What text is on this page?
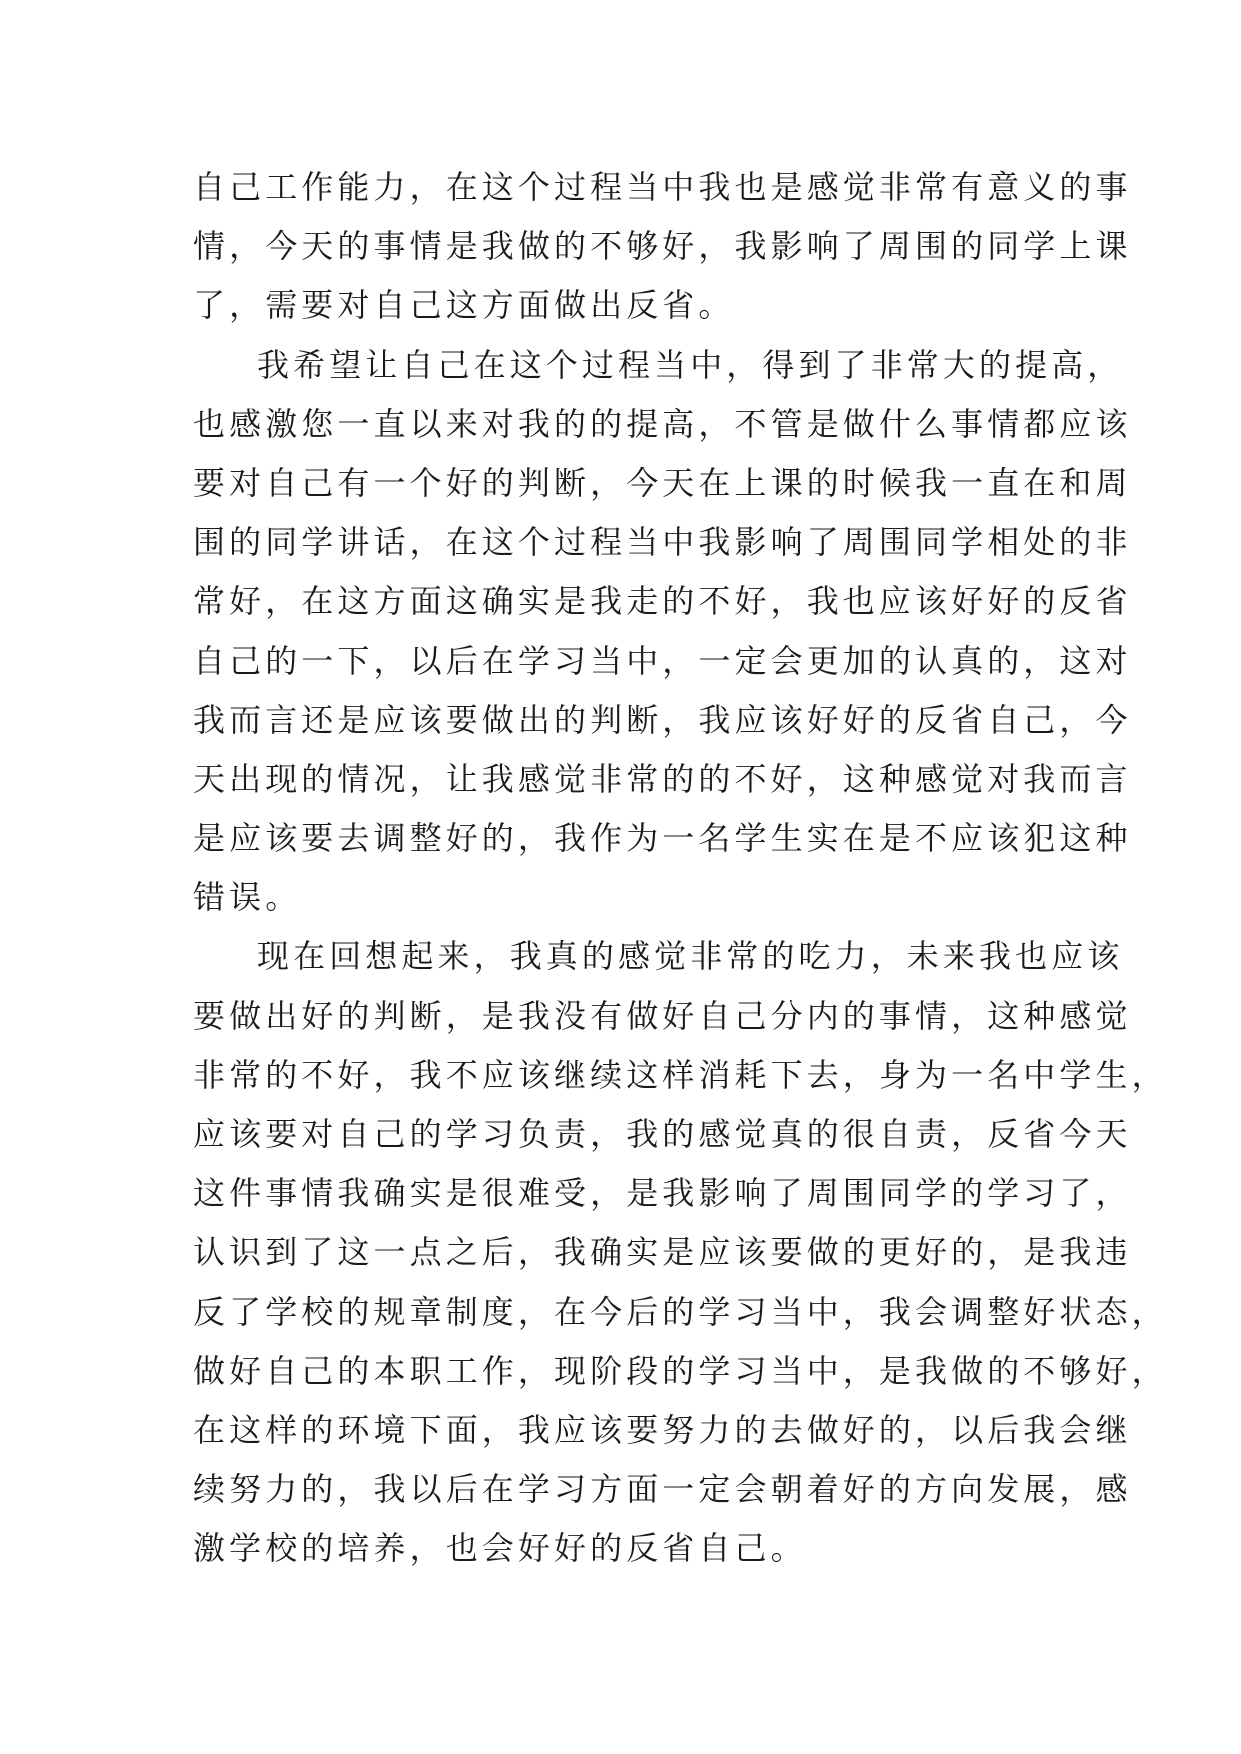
自己工作能力，在这个过程当中我也是感觉非常有意义的事
情，今天的事情是我做的不够好，我影响了周围的同学上课
了，需要对自己这方面做出反省。
我希望让自己在这个过程当中，得到了非常大的提高，
也感激您一直以来对我的的提高，不管是做什么事情都应该
要对自己有一个好的判断，今天在上课的时候我一直在和周
围的同学讲话，在这个过程当中我影响了周围同学相处的非
常好，在这方面这确实是我走的不好，我也应该好好的反省
自己的一下，以后在学习当中，一定会更加的认真的，这对
我而言还是应该要做出的判断，我应该好好的反省自己，今
天出现的情况，让我感觉非常的的不好，这种感觉对我而言
是应该要去调整好的，我作为一名学生实在是不应该犯这种
错误。
现在回想起来，我真的感觉非常的吃力，未来我也应该
要做出好的判断，是我没有做好自己分内的事情，这种感觉
非常的不好，我不应该继续这样消耗下去，身为一名中学生，
应该要对自己的学习负责，我的感觉真的很自责，反省今天
这件事情我确实是很难受，是我影响了周围同学的学习了，
认识到了这一点之后，我确实是应该要做的更好的，是我违
反了学校的规章制度，在今后的学习当中，我会调整好状态，
做好自己的本职工作，现阶段的学习当中，是我做的不够好，
在这样的环境下面，我应该要努力的去做好的，以后我会继
续努力的，我以后在学习方面一定会朝着好的方向发展，感
激学校的培养，也会好好的反省自己。
